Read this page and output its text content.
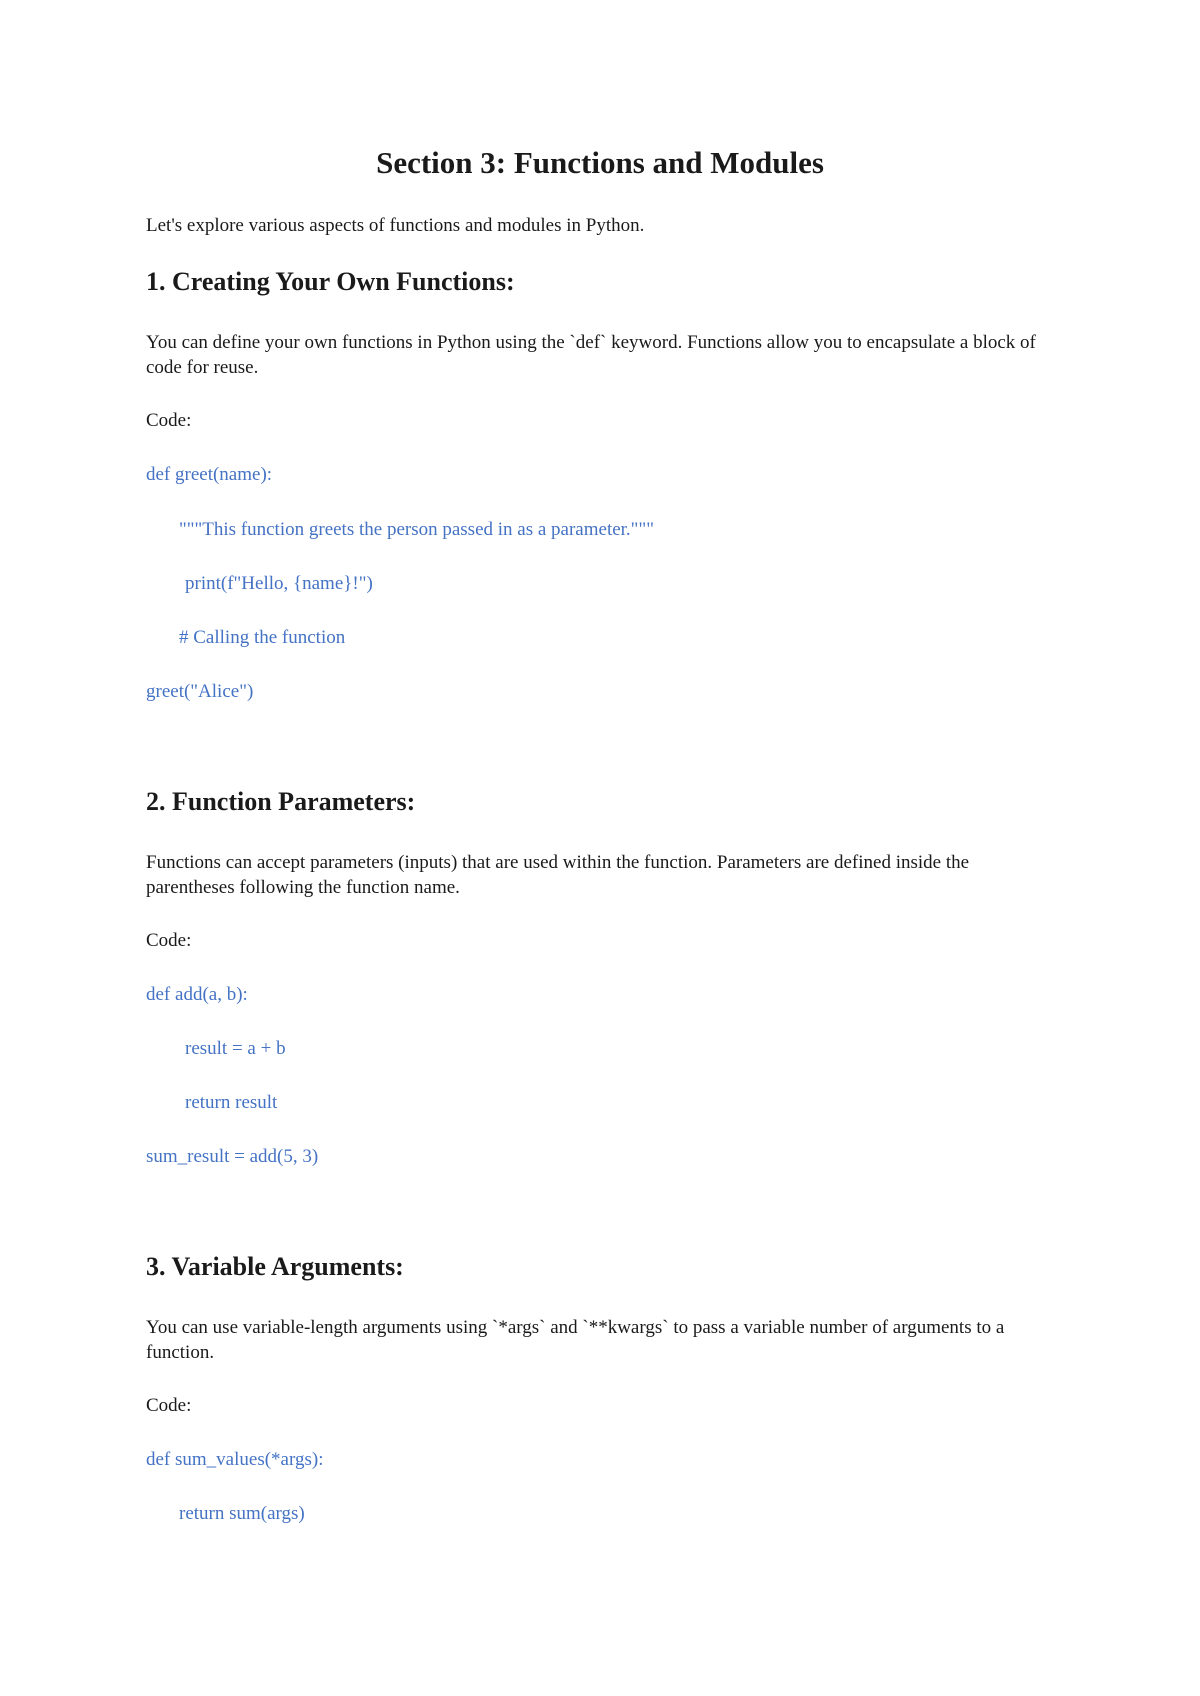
Section 3: Functions and Modules

Let's explore various aspects of functions and modules in Python.

1. Creating Your Own Functions:

You can define your own functions in Python using the `def` keyword. Functions allow you to encapsulate a block of code for reuse.

Code:

def greet(name):
"""This function greets the person passed in as a parameter."""
print(f"Hello, {name}!")
# Calling the function
greet("Alice")
2. Function Parameters:

Functions can accept parameters (inputs) that are used within the function. Parameters are defined inside the parentheses following the function name.

Code:

def add(a, b):
result = a + b
return result
sum_result = add(5, 3)
3. Variable Arguments:

You can use variable-length arguments using `*args` and `**kwargs` to pass a variable number of arguments to a function.

Code:

def sum_values(*args):
return sum(args)
